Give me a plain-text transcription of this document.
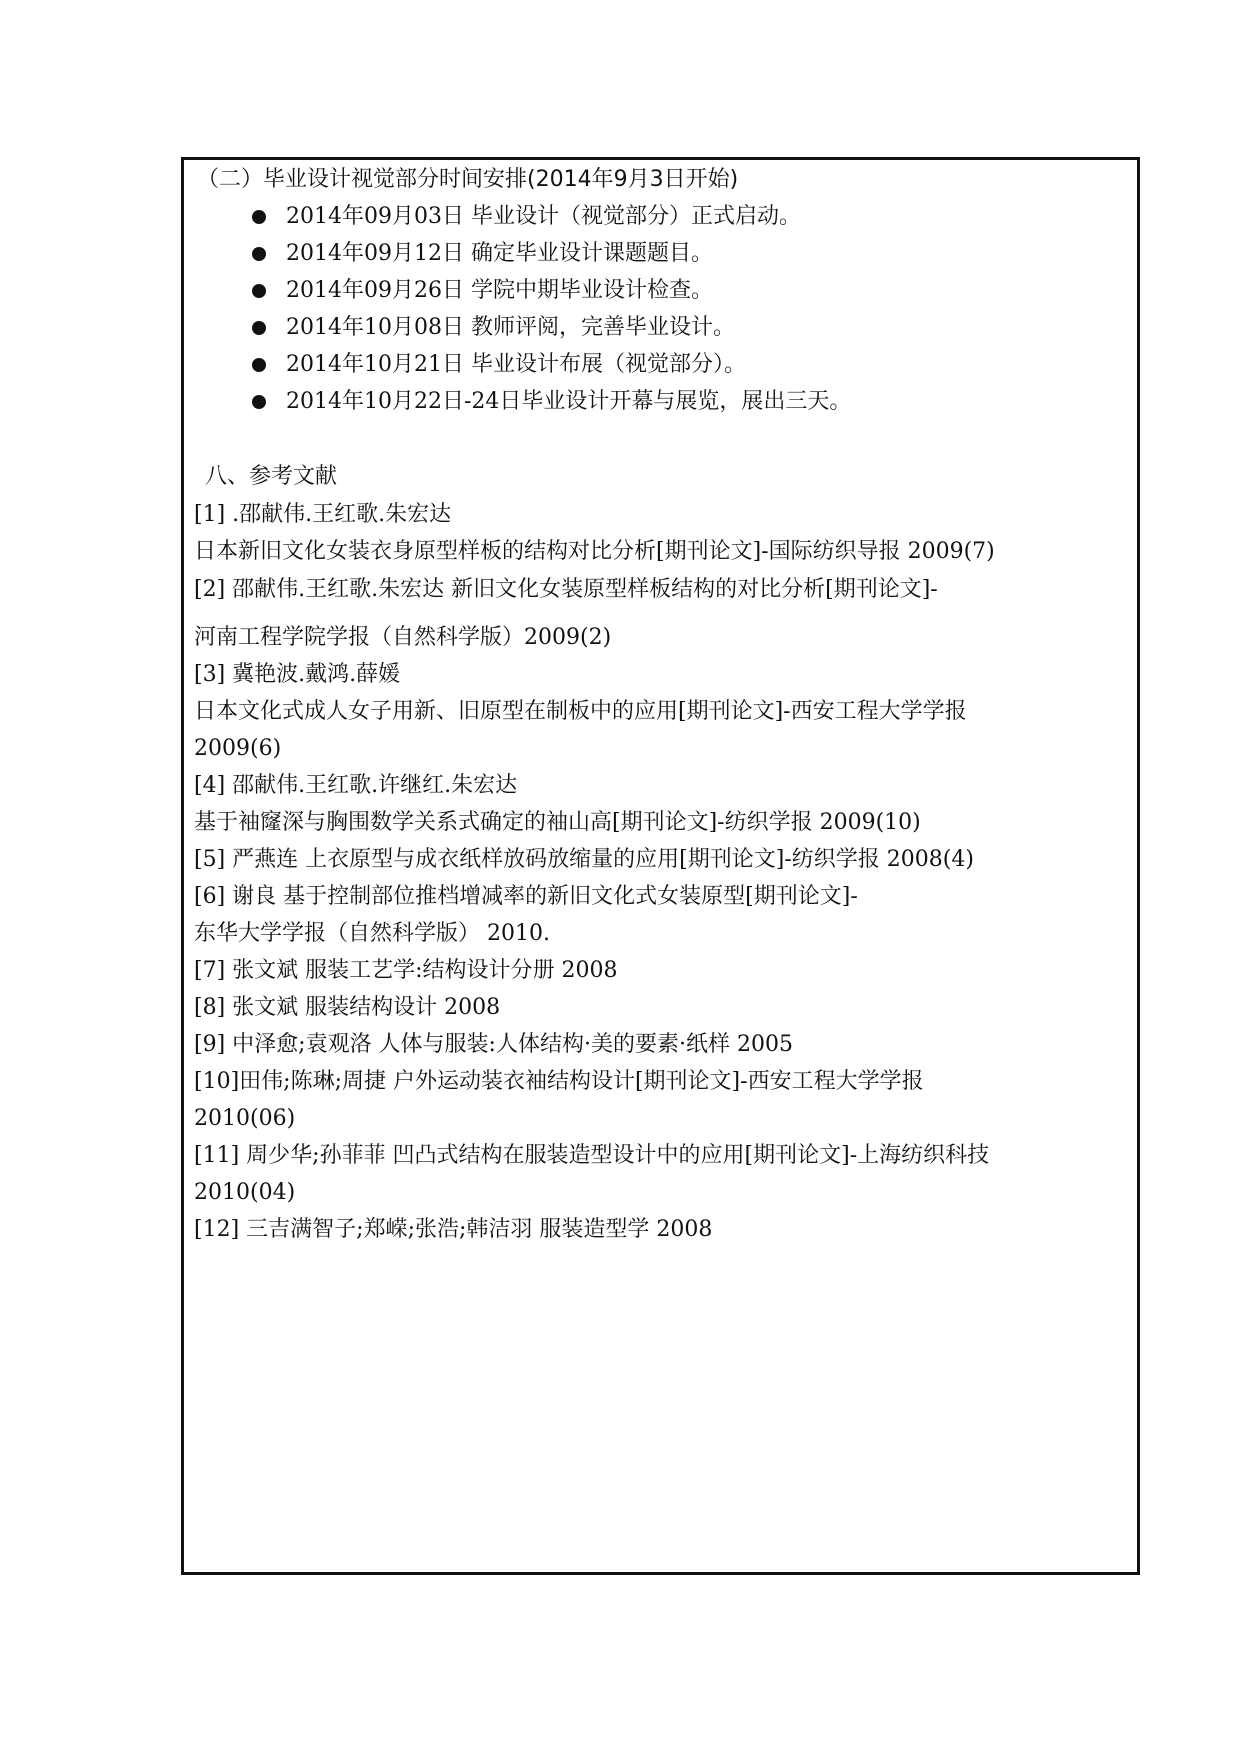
（二）毕业设计视觉部分时间安排(2014年9月3日开始)
2014年09月03日 毕业设计（视觉部分）正式启动。
2014年09月12日 确定毕业设计课题题目。
2014年09月26日 学院中期毕业设计检查。
2014年10月08日 教师评阅，完善毕业设计。
2014年10月21日 毕业设计布展（视觉部分）。
2014年10月22日-24日毕业设计开幕与展览，展出三天。
八、参考文献
[1] .邵献伟.王红歌.朱宏达
日本新旧文化女装衣身原型样板的结构对比分析[期刊论文]-国际纺织导报 2009(7)
[2] 邵献伟.王红歌.朱宏达 新旧文化女装原型样板结构的对比分析[期刊论文]-
河南工程学院学报（自然科学版）2009(2)
[3] 冀艳波.戴鸿.薛媛
日本文化式成人女子用新、旧原型在制板中的应用[期刊论文]-西安工程大学学报
2009(6)
[4] 邵献伟.王红歌.许继红.朱宏达
基于袖窿深与胸围数学关系式确定的袖山高[期刊论文]-纺织学报 2009(10)
[5] 严燕连 上衣原型与成衣纸样放码放缩量的应用[期刊论文]-纺织学报 2008(4)
[6] 谢良 基于控制部位推档增减率的新旧文化式女装原型[期刊论文]-
东华大学学报（自然科学版） 2010.
[7] 张文斌 服装工艺学:结构设计分册 2008
[8] 张文斌 服装结构设计 2008
[9] 中泽愈;袁观洛 人体与服装:人体结构·美的要素·纸样 2005
[10]田伟;陈琳;周捷 户外运动装衣袖结构设计[期刊论文]-西安工程大学学报
2010(06)
[11] 周少华;孙菲菲 凹凸式结构在服装造型设计中的应用[期刊论文]-上海纺织科技
2010(04)
[12] 三吉满智子;郑嵘;张浩;韩洁羽 服装造型学 2008
